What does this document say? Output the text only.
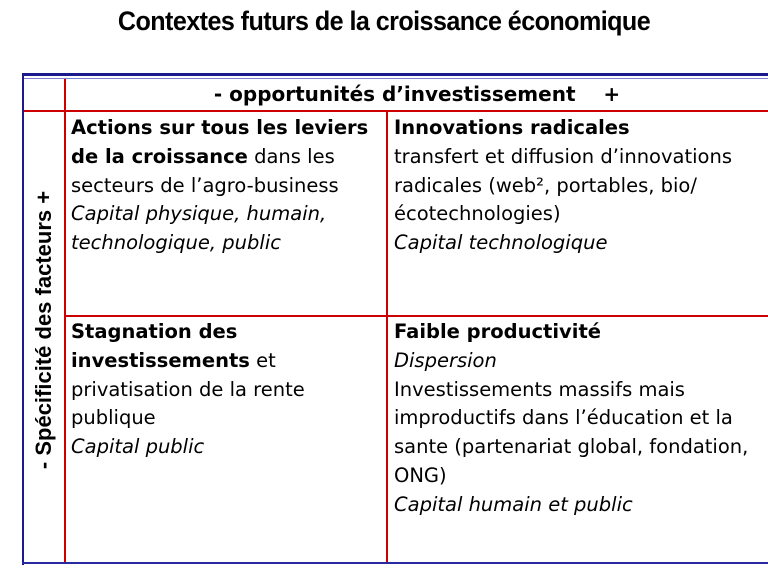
Contextes futurs de la croissance économique
- opportunités d’investissement    +
- Spécificité des facteurs +
Actions sur tous les leviers de la croissance dans les secteurs de l’agro-business
Capital physique, humain, technologique, public
Innovations radicales
transfert et diffusion d’innovations radicales (web², portables, bio/écotechnologies)
Capital technologique
Stagnation des investissements et privatisation de la rente publique
Capital public
Faible productivité
Dispersion
Investissements massifs mais improductifs dans l’éducation et la sante (partenariat global, fondation, ONG)
Capital humain et public
